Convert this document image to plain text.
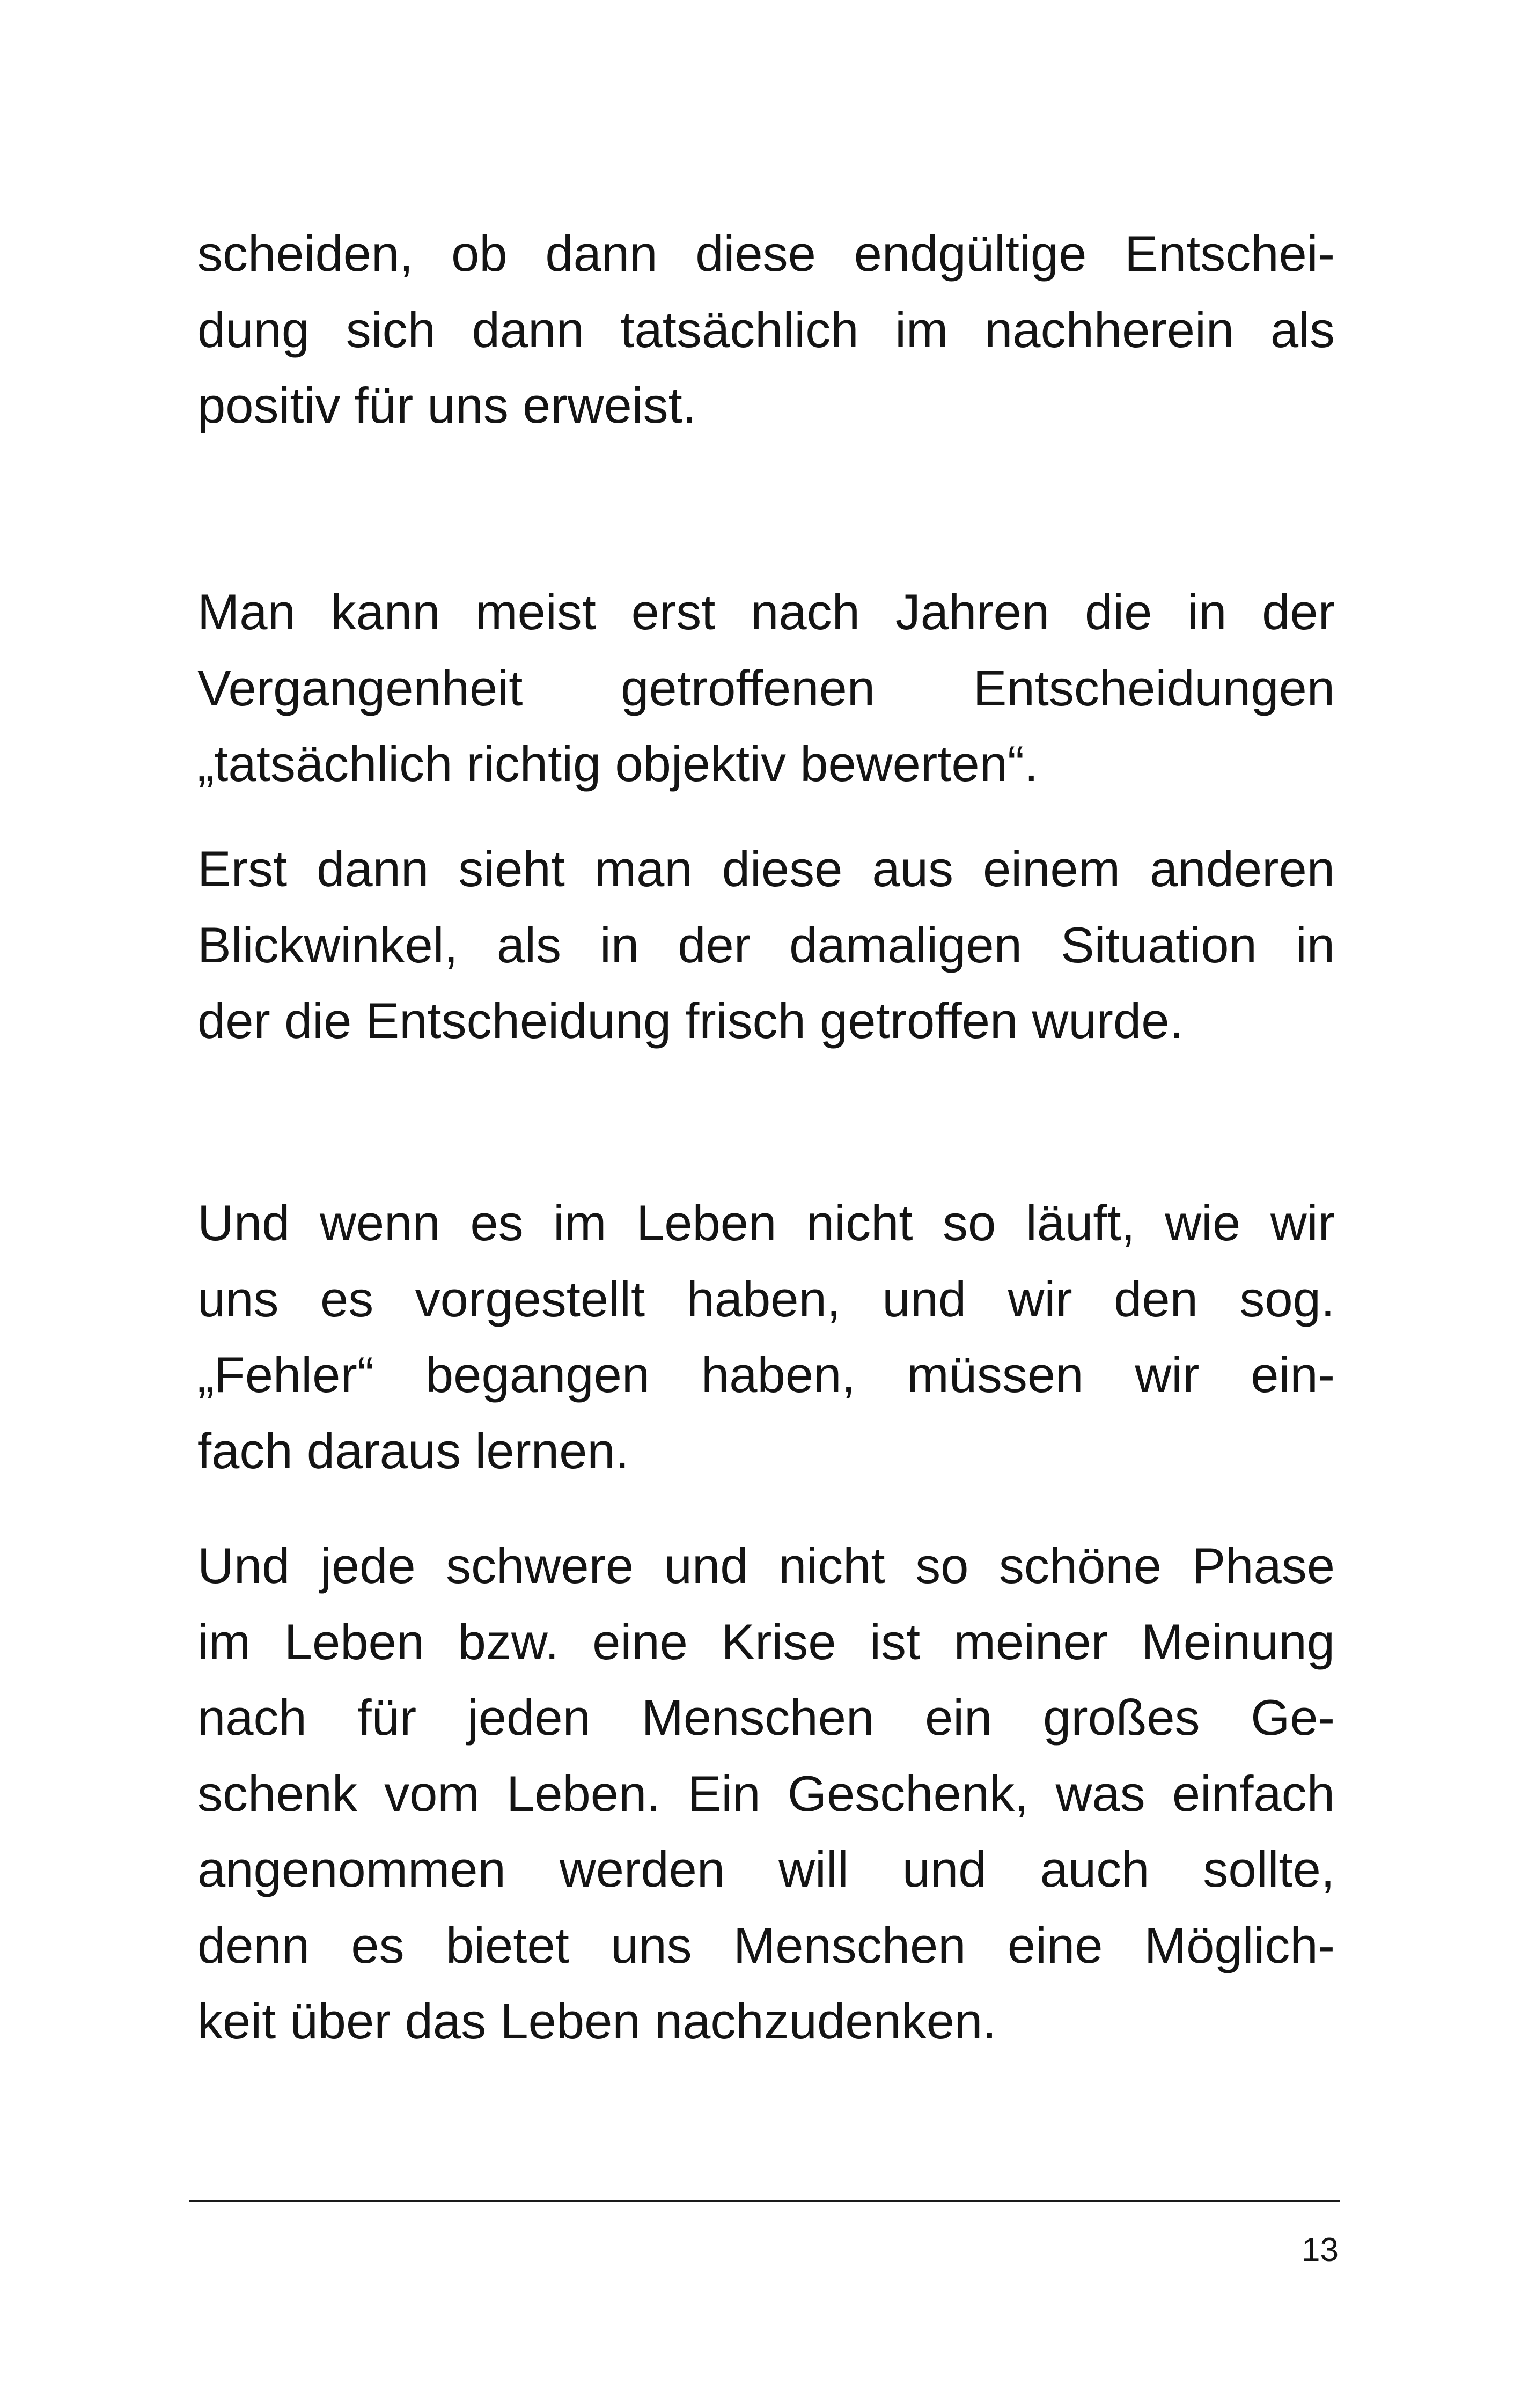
scheiden, ob dann diese endgültige Entschei-
dung sich dann tatsächlich im nachherein als
positiv für uns erweist.

Man kann meist erst nach Jahren die in der
Vergangenheit getroffenen Entscheidungen
„tatsächlich richtig objektiv bewerten“.

Erst dann sieht man diese aus einem anderen
Blickwinkel, als in der damaligen Situation in
der die Entscheidung frisch getroffen wurde.

Und wenn es im Leben nicht so läuft, wie wir
uns es vorgestellt haben, und wir den sog.
„Fehler“ begangen haben, müssen wir ein-
fach daraus lernen.

Und jede schwere und nicht so schöne Phase
im Leben bzw. eine Krise ist meiner Meinung
nach für jeden Menschen ein großes Ge-
schenk vom Leben. Ein Geschenk, was einfach
angenommen werden will und auch sollte,
denn es bietet uns Menschen eine Möglich-
keit über das Leben nachzudenken.

13
